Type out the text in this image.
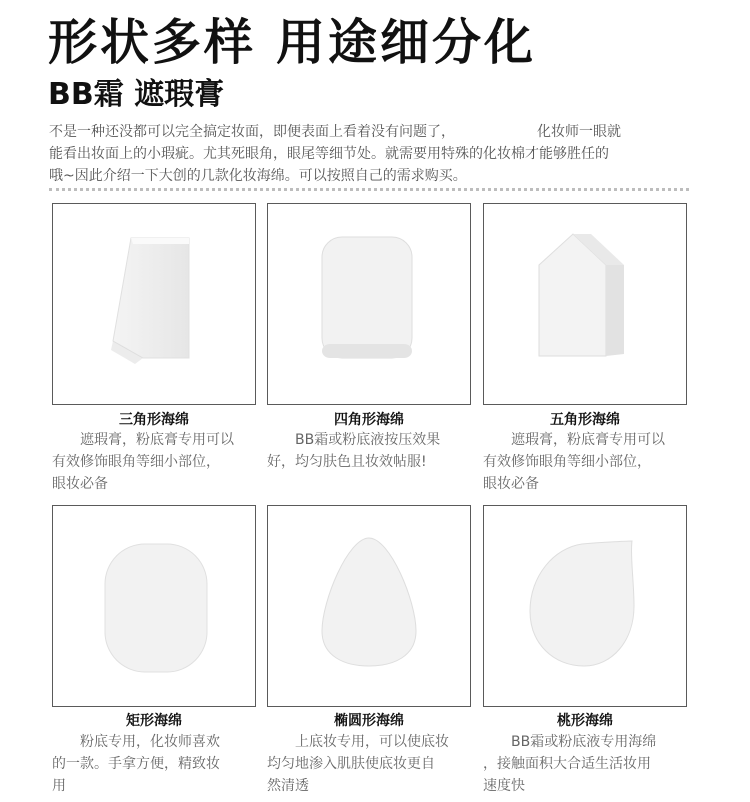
形状多样 用途细分化
BB霜 遮瑕膏

不是一种还没都可以完全搞定妆面，即便表面上看着没有问题了，	化妆师一眼就

能看出妆面上的小瑕疵。尤其死眼角，眼尾等细节处。就需要用特殊的化妆棉才能够胜任的

哦~因此介绍一下大创的几款化妆海绵。可以按照自己的需求购买。

三角形海绵

　　遮瑕膏，粉底膏专用可以

有效修饰眼角等细小部位，

眼妆必备

四角形海绵

　　BB霜或粉底液按压效果

好，均匀肤色且妆效帖服!

五角形海绵

　　遮瑕膏，粉底膏专用可以

有效修饰眼角等细小部位，

眼妆必备

矩形海绵

　　粉底专用，化妆师喜欢

的一款。手拿方便，精致妆

用

椭圆形海绵

　　上底妆专用，可以使底妆

均匀地渗入肌肤使底妆更自

然清透

桃形海绵

　　BB霜或粉底液专用海绵

，接触面积大合适生活妆用

速度快
